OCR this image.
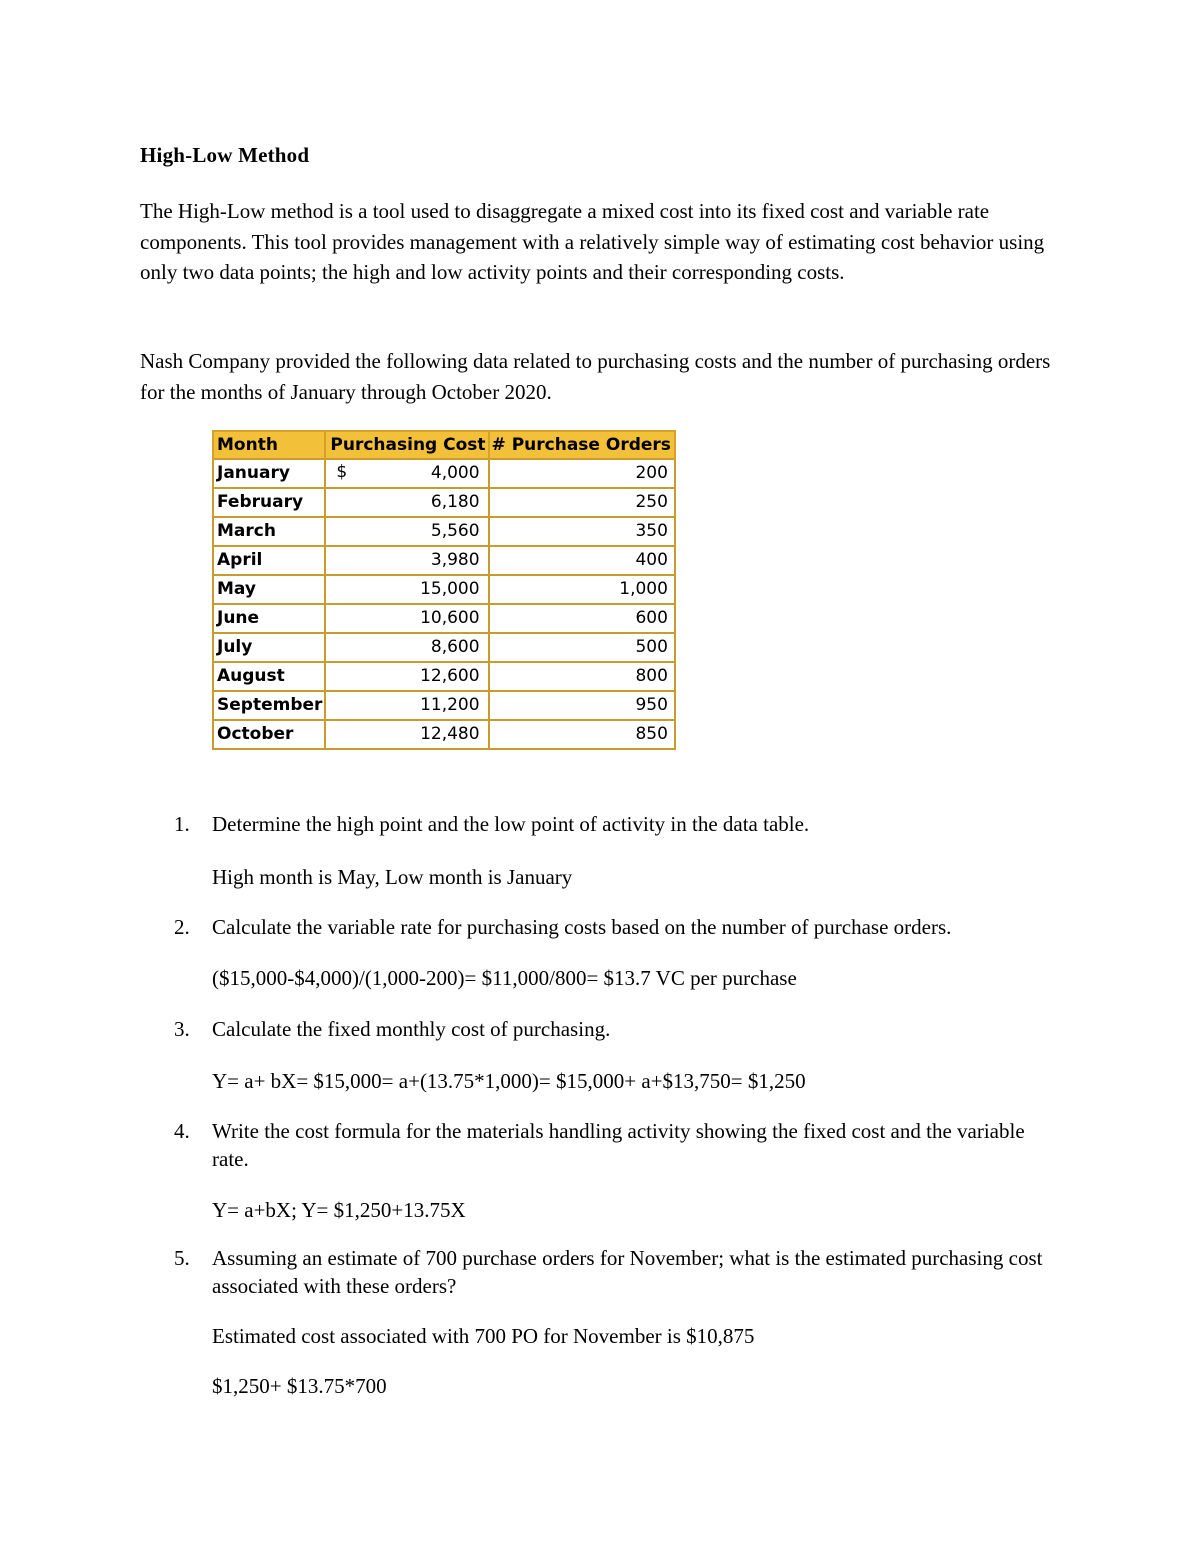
High-Low Method
The High-Low method is a tool used to disaggregate a mixed cost into its fixed cost and variable rate components. This tool provides management with a relatively simple way of estimating cost behavior using only two data points; the high and low activity points and their corresponding costs.
Nash Company provided the following data related to purchasing costs and the number of purchasing orders for the months of January through October 2020.
Month	Purchasing Cost	# Purchase Orders
January	$ 4,000	200
February	6,180	250
March	5,560	350
April	3,980	400
May	15,000	1,000
June	10,600	600
July	8,600	500
August	12,600	800
September	11,200	950
October	12,480	850
1. Determine the high point and the low point of activity in the data table.
High month is May, Low month is January
2. Calculate the variable rate for purchasing costs based on the number of purchase orders.
($15,000-$4,000)/(1,000-200)= $11,000/800= $13.7 VC per purchase
3. Calculate the fixed monthly cost of purchasing.
Y= a+ bX= $15,000= a+(13.75*1,000)= $15,000+ a+$13,750= $1,250
4. Write the cost formula for the materials handling activity showing the fixed cost and the variable rate.
Y= a+bX; Y= $1,250+13.75X
5. Assuming an estimate of 700 purchase orders for November; what is the estimated purchasing cost associated with these orders?
Estimated cost associated with 700 PO for November is $10,875
$1,250+ $13.75*700
